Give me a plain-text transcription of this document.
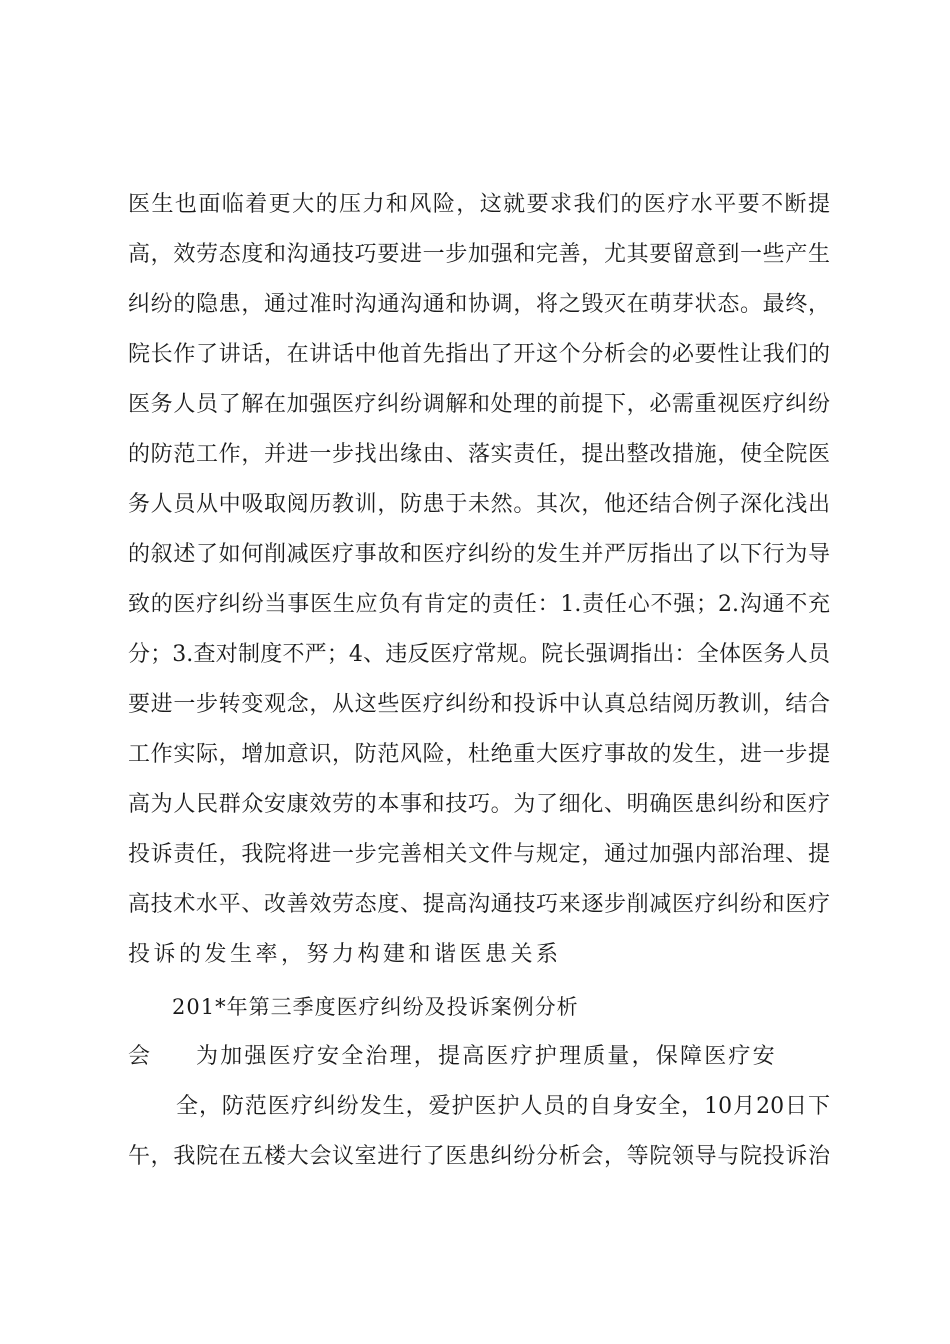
医生也面临着更大的压力和风险，这就要求我们的医疗水平要不断提
高，效劳态度和沟通技巧要进一步加强和完善，尤其要留意到一些产生
纠纷的隐患，通过准时沟通沟通和协调，将之毁灭在萌芽状态。最终，
院长作了讲话，在讲话中他首先指出了开这个分析会的必要性让我们的
医务人员了解在加强医疗纠纷调解和处理的前提下，必需重视医疗纠纷
的防范工作，并进一步找出缘由、落实责任，提出整改措施，使全院医
务人员从中吸取阅历教训，防患于未然。其次，他还结合例子深化浅出
的叙述了如何削减医疗事故和医疗纠纷的发生并严厉指出了以下行为导
致的医疗纠纷当事医生应负有肯定的责任：1.责任心不强；2.沟通不充
分；3.查对制度不严；4、违反医疗常规。院长强调指出：全体医务人员
要进一步转变观念，从这些医疗纠纷和投诉中认真总结阅历教训，结合
工作实际，增加意识，防范风险，杜绝重大医疗事故的发生，进一步提
高为人民群众安康效劳的本事和技巧。为了细化、明确医患纠纷和医疗
投诉责任，我院将进一步完善相关文件与规定，通过加强内部治理、提
高技术水平、改善效劳态度、提高沟通技巧来逐步削减医疗纠纷和医疗
投诉的发生率，努力构建和谐医患关系
201*年第三季度医疗纠纷及投诉案例分析
会 为加强医疗安全治理，提高医疗护理质量，保障医疗安
全，防范医疗纠纷发生，爱护医护人员的自身安全，10月20日下
午，我院在五楼大会议室进行了医患纠纷分析会，等院领导与院投诉治
